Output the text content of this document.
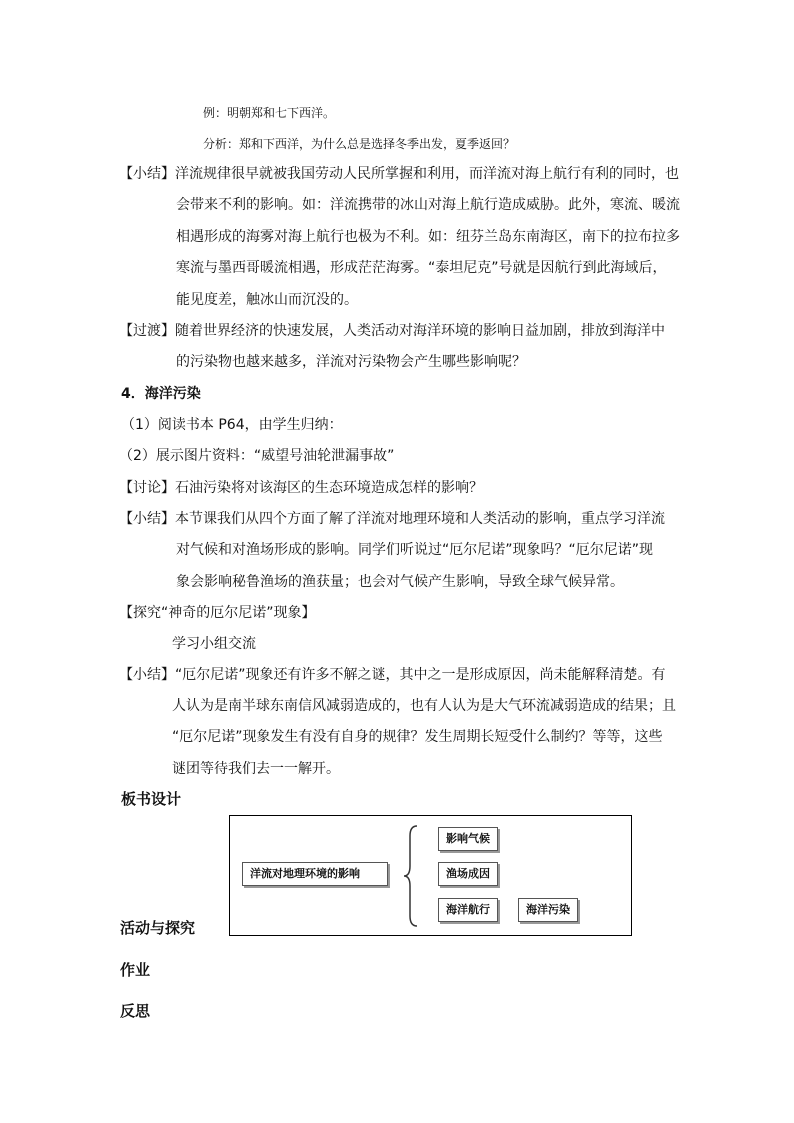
例：明朝郑和七下西洋。
分析：郑和下西洋，为什么总是选择冬季出发，夏季返回？
【小结】洋流规律很早就被我国劳动人民所掌握和利用，而洋流对海上航行有利的同时，也
会带来不利的影响。如：洋流携带的冰山对海上航行造成威胁。此外，寒流、暖流
相遇形成的海雾对海上航行也极为不利。如：纽芬兰岛东南海区，南下的拉布拉多
寒流与墨西哥暖流相遇，形成茫茫海雾。“泰坦尼克”号就是因航行到此海域后，
能见度差，触冰山而沉没的。
【过渡】随着世界经济的快速发展，人类活动对海洋环境的影响日益加剧，排放到海洋中
的污染物也越来越多，洋流对污染物会产生哪些影响呢？
4．海洋污染
（1）阅读书本 P64，由学生归纳：
（2）展示图片资料：“威望号油轮泄漏事故”
【讨论】石油污染将对该海区的生态环境造成怎样的影响？
【小结】本节课我们从四个方面了解了洋流对地理环境和人类活动的影响，重点学习洋流
对气候和对渔场形成的影响。同学们听说过“厄尔尼诺”现象吗？“厄尔尼诺”现
象会影响秘鲁渔场的渔获量；也会对气候产生影响，导致全球气候异常。
【探究“神奇的厄尔尼诺”现象】
学习小组交流
【小结】“厄尔尼诺”现象还有许多不解之谜，其中之一是形成原因，尚未能解释清楚。有
人认为是南半球东南信风减弱造成的，也有人认为是大气环流减弱造成的结果；且
“厄尔尼诺”现象发生有没有自身的规律？发生周期长短受什么制约？等等，这些
谜团等待我们去一一解开。
板书设计
洋流对地理环境的影响
影响气候
渔场成因
海洋航行	海洋污染
活动与探究
作业
反思
